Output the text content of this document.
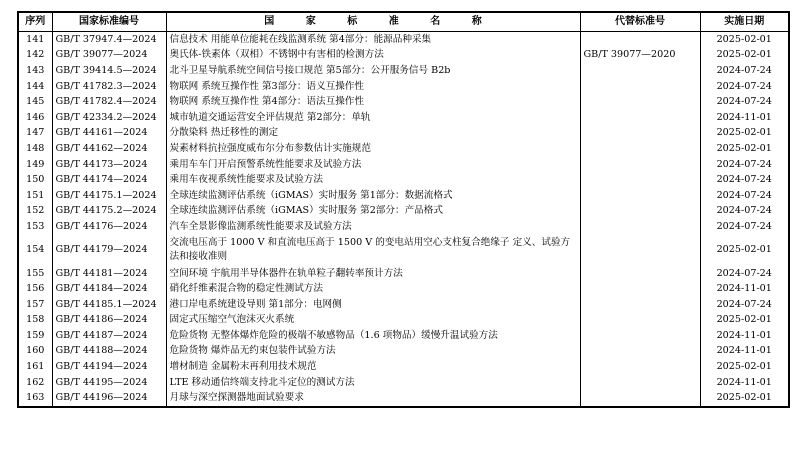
序列	国家标准编号	国 家 标 准 名 称	代替标准号	实施日期
141	GB/T 37947.4—2024	信息技术 用能单位能耗在线监测系统 第4部分：能源品种采集		2025-02-01
142	GB/T 39077—2024	奥氏体-铁素体（双相）不锈钢中有害相的检测方法	GB/T 39077—2020	2025-02-01
143	GB/T 39414.5—2024	北斗卫星导航系统空间信号接口规范 第5部分：公开服务信号 B2b		2024-07-24
144	GB/T 41782.3—2024	物联网 系统互操作性 第3部分：语义互操作性		2024-07-24
145	GB/T 41782.4—2024	物联网 系统互操作性 第4部分：语法互操作性		2024-07-24
146	GB/T 42334.2—2024	城市轨道交通运营安全评估规范 第2部分：单轨		2024-11-01
147	GB/T 44161—2024	分散染料 热迁移性的测定		2025-02-01
148	GB/T 44162—2024	炭素材料抗拉强度威布尔分布参数估计实施规范		2025-02-01
149	GB/T 44173—2024	乘用车车门开启预警系统性能要求及试验方法		2024-07-24
150	GB/T 44174—2024	乘用车夜视系统性能要求及试验方法		2024-07-24
151	GB/T 44175.1—2024	全球连续监测评估系统（iGMAS）实时服务 第1部分：数据流格式		2024-07-24
152	GB/T 44175.2—2024	全球连续监测评估系统（iGMAS）实时服务 第2部分：产品格式		2024-07-24
153	GB/T 44176—2024	汽车全景影像监测系统性能要求及试验方法		2024-07-24
154	GB/T 44179—2024	交流电压高于 1000 V 和直流电压高于 1500 V 的变电站用空心支柱复合绝缘子 定义、试验方法和接收准则		2025-02-01
155	GB/T 44181—2024	空间环境 宇航用半导体器件在轨单粒子翻转率预计方法		2024-07-24
156	GB/T 44184—2024	硝化纤维素混合物的稳定性测试方法		2024-11-01
157	GB/T 44185.1—2024	港口岸电系统建设导则 第1部分：电网侧		2024-07-24
158	GB/T 44186—2024	固定式压缩空气泡沫灭火系统		2025-02-01
159	GB/T 44187—2024	危险货物 无整体爆炸危险的极端不敏感物品（1.6 项物品）缓慢升温试验方法		2024-11-01
160	GB/T 44188—2024	危险货物 爆炸品无约束包装件试验方法		2024-11-01
161	GB/T 44194—2024	增材制造 金属粉末再利用技术规范		2025-02-01
162	GB/T 44195—2024	LTE 移动通信终端支持北斗定位的测试方法		2024-11-01
163	GB/T 44196—2024	月球与深空探测器地面试验要求		2025-02-01
